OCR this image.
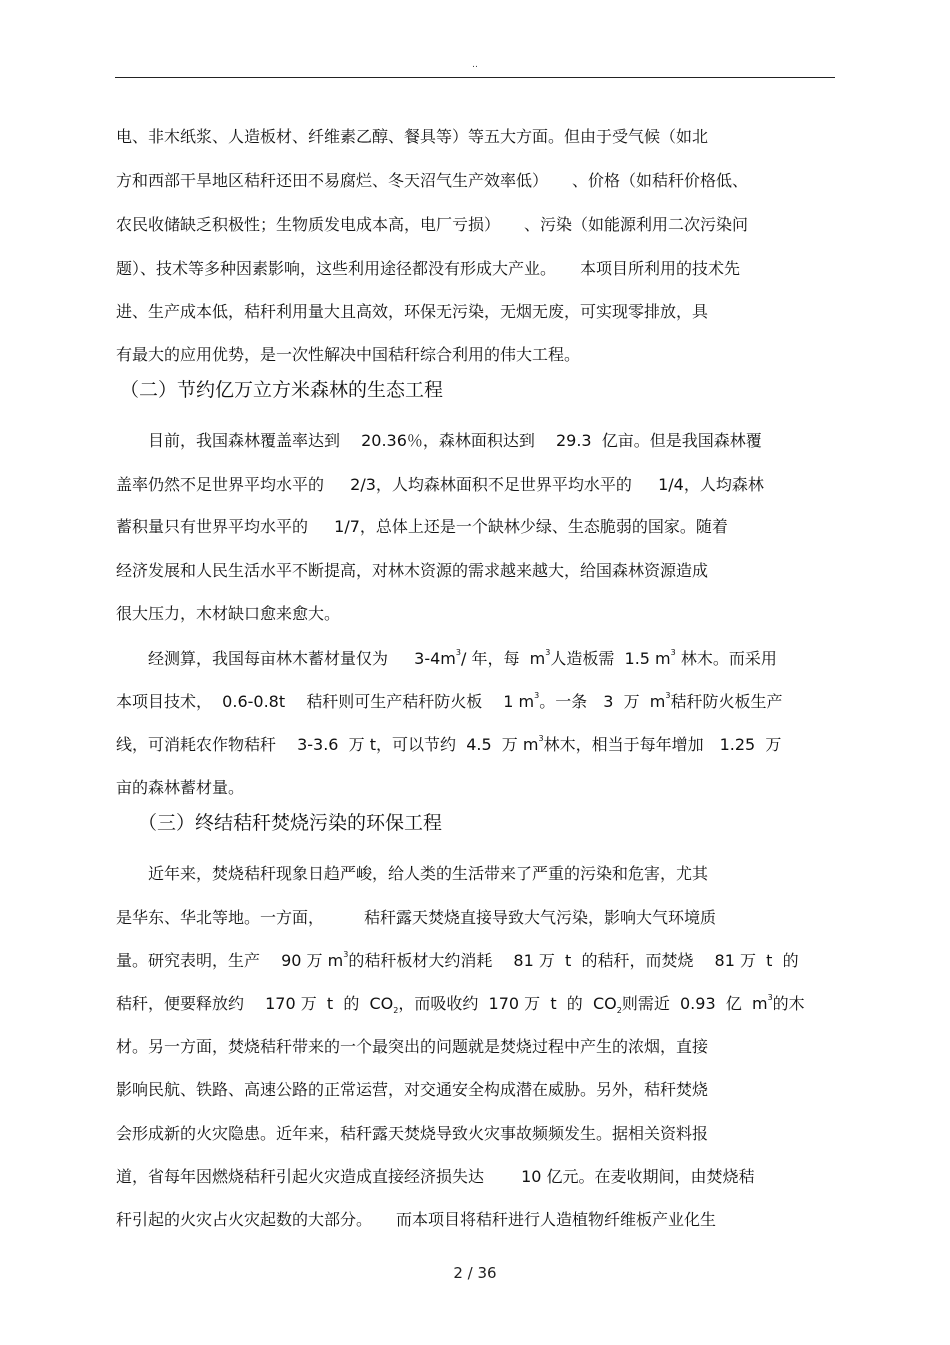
..
电、非木纸浆、人造板材、纤维素乙醇、餐具等）等五大方面。但由于受气候（如北
方和西部干旱地区秸秆还田不易腐烂、冬天沼气生产效率低）　　、价格（如秸秆价格低、
农民收储缺乏积极性；生物质发电成本高，电厂亏损）　　、污染（如能源利用二次污染问
题）、技术等多种因素影响，这些利用途径都没有形成大产业。　　本项目所利用的技术先
进、生产成本低，秸秆利用量大且高效，环保无污染，无烟无废，可实现零排放，具
有最大的应用优势，是一次性解决中国秸秆综合利用的伟大工程。
（二）节约亿万立方米森林的生态工程
　　目前，我国森林覆盖率达到　 20.36％，森林面积达到　 29.3  亿亩。但是我国森林覆
盖率仍然不足世界平均水平的　  2/3，人均森林面积不足世界平均水平的　  1/4，人均森林
蓄积量只有世界平均水平的　  1/7，总体上还是一个缺林少绿、生态脆弱的国家。随着
经济发展和人民生活水平不断提高，对林木资源的需求越来越大，给国森林资源造成
很大压力，木材缺口愈来愈大。
　　经测算，我国每亩林木蓄材量仅为　  $3-4m^3/$ 年，每  $m^3$人造板需  1.5 $m^3$ 林木。而采用
本项目技术，  0.6-0.8t　 秸秆则可生产秸秆防火板　 1 $m^3$。一条　3  万  $m^3$秸秆防火板生产
线，可消耗农作物秸秆　 3-3.6  万 t，可以节约  4.5  万 $m^3$林木，相当于每年增加　1.25  万
亩的森林蓄材量。
（三）终结秸秆焚烧污染的环保工程
　　近年来，焚烧秸秆现象日趋严峻，给人类的生活带来了严重的污染和危害，尤其
是华东、华北等地。一方面，　　　秸秆露天焚烧直接导致大气污染，影响大气环境质
量。研究表明，生产　 90 万 $m^3$的秸秆板材大约消耗　 81 万  t  的秸秆，而焚烧　 81 万  t  的
秸秆，便要释放约　 170 万  t  的  $CO_2$，而吸收约  170 万  t  的  $CO_2$则需近  0.93  亿  $m^3$的木
材。另一方面，焚烧秸秆带来的一个最突出的问题就是焚烧过程中产生的浓烟，直接
影响民航、铁路、高速公路的正常运营，对交通安全构成潜在威胁。另外，秸秆焚烧
会形成新的火灾隐患。近年来，秸秆露天焚烧导致火灾事故频频发生。据相关资料报
道，省每年因燃烧秸秆引起火灾造成直接经济损失达　　 10 亿元。在麦收期间，由焚烧秸
秆引起的火灾占火灾起数的大部分。　　而本项目将秸秆进行人造植物纤维板产业化生
2 / 36
